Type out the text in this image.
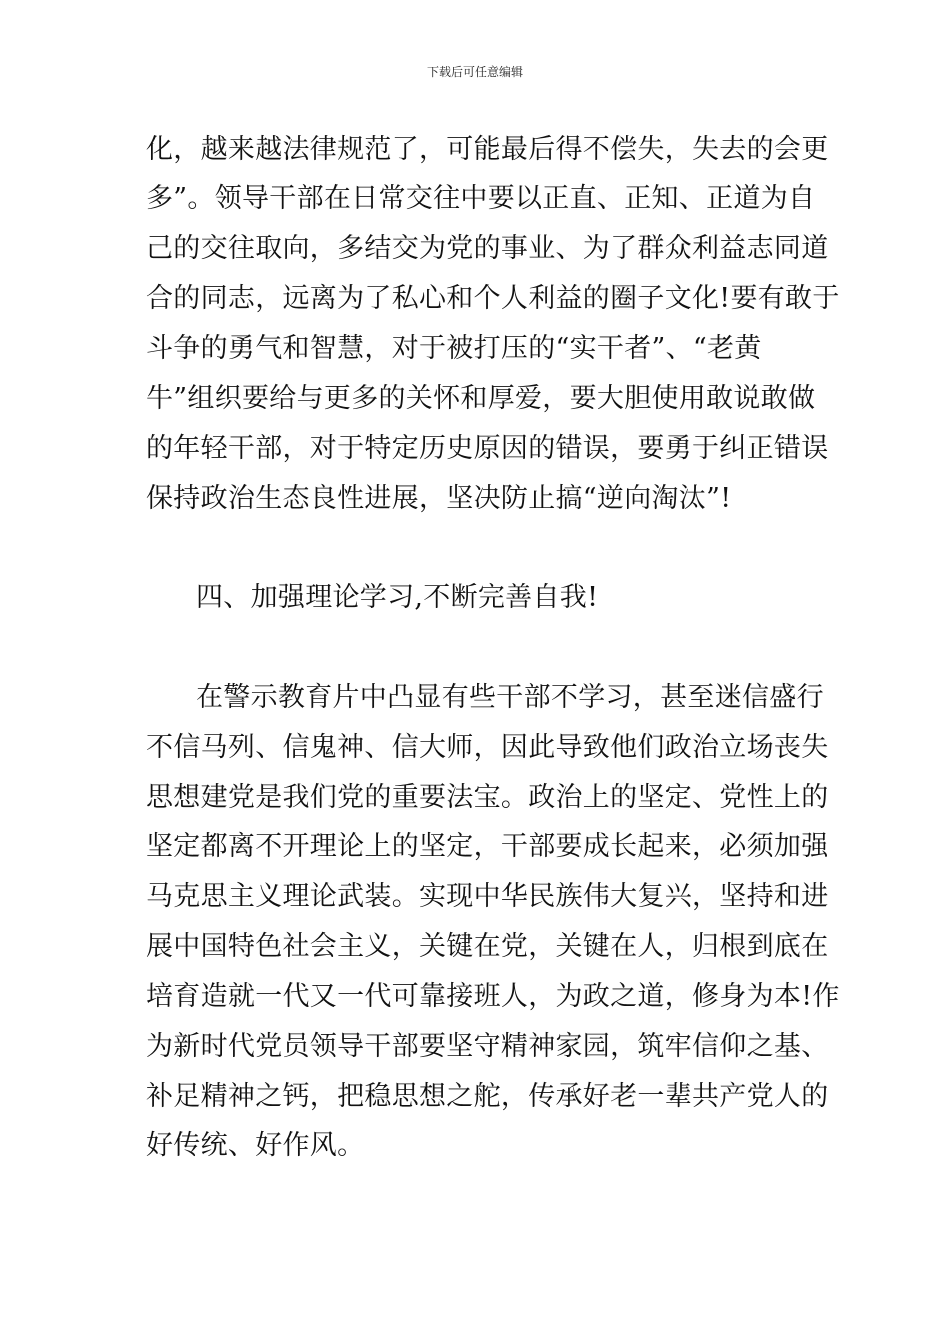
下载后可任意编辑
化，越来越法律规范了，可能最后得不偿失，失去的会更
多”。领导干部在日常交往中要以正直、正知、正道为自
己的交往取向，多结交为党的事业、为了群众利益志同道
合的同志，远离为了私心和个人利益的圈子文化!要有敢于
斗争的勇气和智慧，对于被打压的“实干者”、“老黄
牛”组织要给与更多的关怀和厚爱，要大胆使用敢说敢做
的年轻干部，对于特定历史原因的错误，要勇于纠正错误
保持政治生态良性进展，坚决防止搞“逆向淘汰”!
四、加强理论学习,不断完善自我!
在警示教育片中凸显有些干部不学习，甚至迷信盛行
不信马列、信鬼神、信大师，因此导致他们政治立场丧失
思想建党是我们党的重要法宝。政治上的坚定、党性上的
坚定都离不开理论上的坚定，干部要成长起来，必须加强
马克思主义理论武装。实现中华民族伟大复兴，坚持和进
展中国特色社会主义，关键在党，关键在人，归根到底在
培育造就一代又一代可靠接班人，为政之道，修身为本!作
为新时代党员领导干部要坚守精神家园，筑牢信仰之基、
补足精神之钙，把稳思想之舵，传承好老一辈共产党人的
好传统、好作风。
